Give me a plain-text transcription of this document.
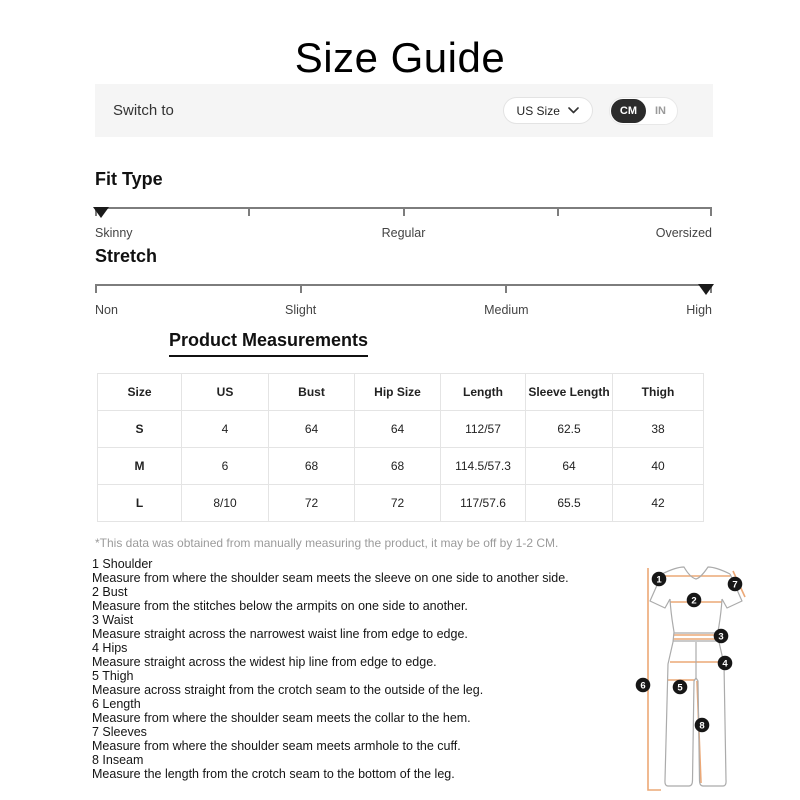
Size Guide
Switch to	US Size	CM	IN
Fit Type
Skinny	Regular	Oversized
Stretch
Non	Slight	Medium	High
Product Measurements
Size	US	Bust	Hip Size	Length	Sleeve Length	Thigh
S	4	64	64	112/57	62.5	38
M	6	68	68	114.5/57.3	64	40
L	8/10	72	72	117/57.6	65.5	42
*This data was obtained from manually measuring the product, it may be off by 1-2 CM.
1 Shoulder
Measure from where the shoulder seam meets the sleeve on one side to another side.
2 Bust
Measure from the stitches below the armpits on one side to another.
3 Waist
Measure straight across the narrowest waist line from edge to edge.
4 Hips
Measure straight across the widest hip line from edge to edge.
5 Thigh
Measure across straight from the crotch seam to the outside of the leg.
6 Length
Measure from where the shoulder seam meets the collar to the hem.
7 Sleeves
Measure from where the shoulder seam meets armhole to the cuff.
8 Inseam
Measure the length from the crotch seam to the bottom of the leg.
1
2
3
4
5
6
7
8
